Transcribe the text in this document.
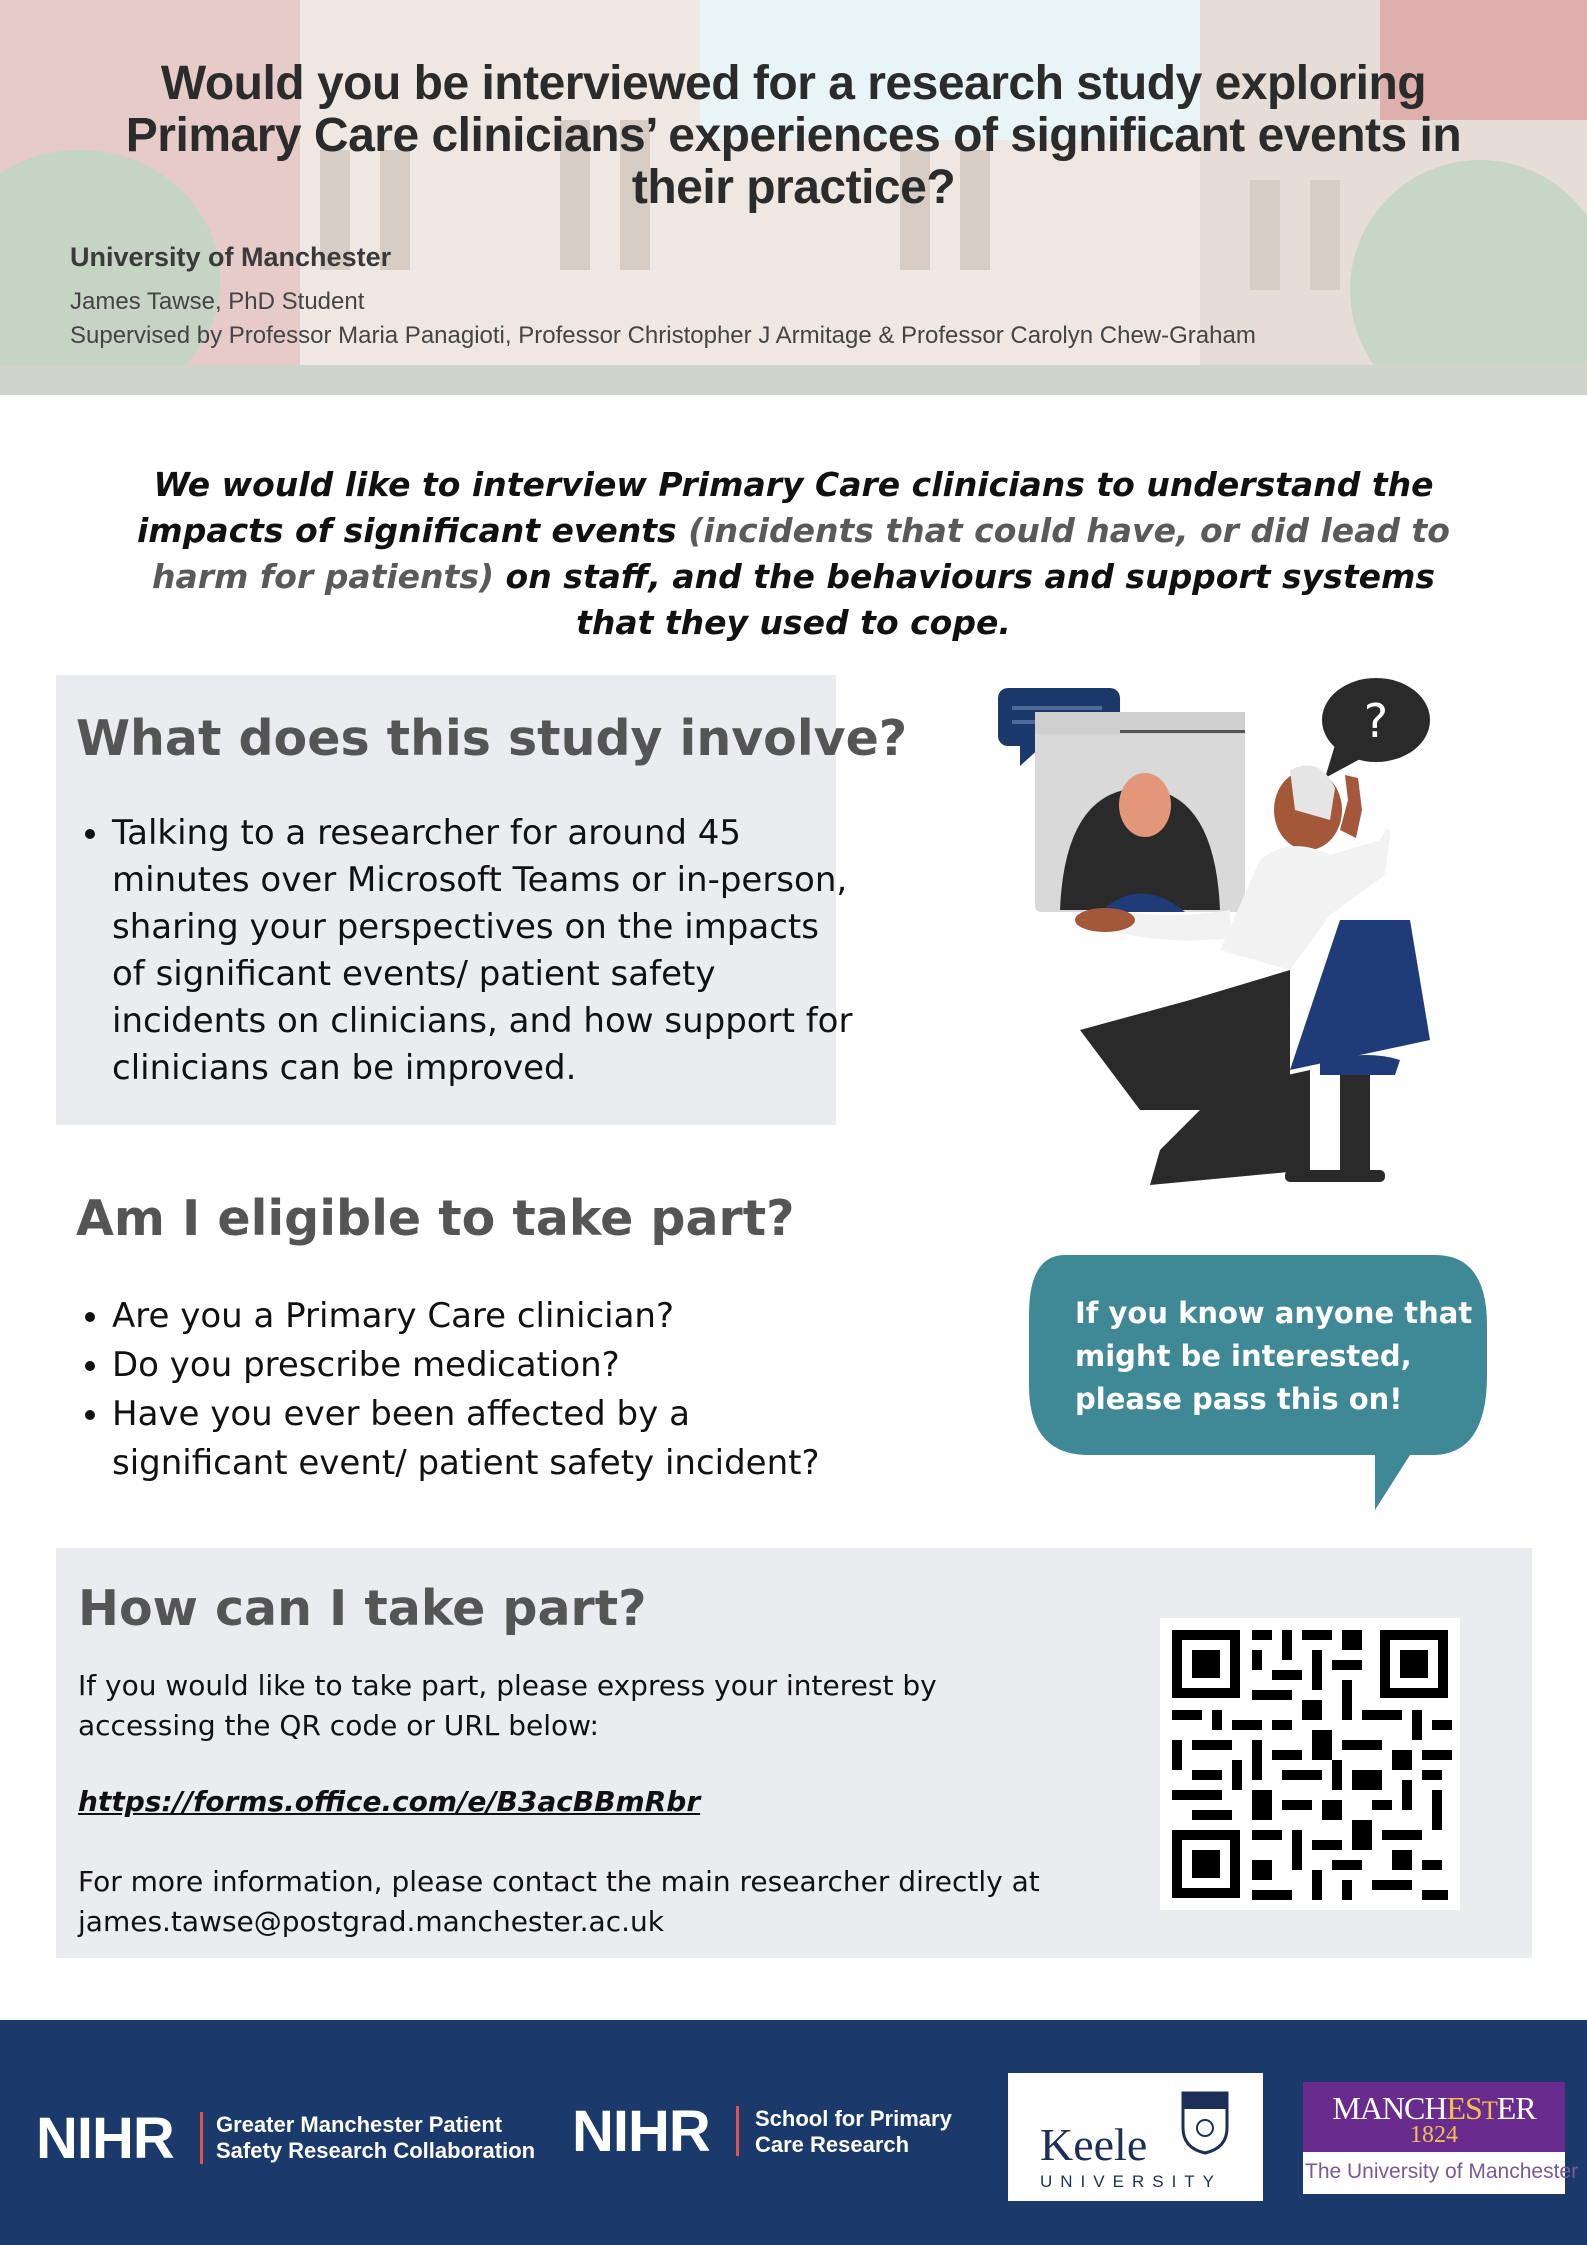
Would you be interviewed for a research study exploring
Primary Care clinicians’ experiences of significant events in
their practice?
University of Manchester
James Tawse, PhD Student
Supervised by Professor Maria Panagioti, Professor Christopher J Armitage & Professor Carolyn Chew-Graham
We would like to interview Primary Care clinicians to understand the impacts of significant events (incidents that could have, or did lead to harm for patients) on staff, and the behaviours and support systems that they used to cope.
What does this study involve?
• Talking to a researcher for around 45 minutes over Microsoft Teams or in-person, sharing your perspectives on the impacts of significant events/ patient safety incidents on clinicians, and how support for clinicians can be improved.
?
Am I eligible to take part?
• Are you a Primary Care clinician?
• Do you prescribe medication?
• Have you ever been affected by a significant event/ patient safety incident?
If you know anyone that might be interested, please pass this on!
How can I take part?
If you would like to take part, please express your interest by accessing the QR code or URL below:
https://forms.office.com/e/B3acBBmRbr
For more information, please contact the main researcher directly at
james.tawse@postgrad.manchester.ac.uk
NIHR Greater Manchester Patient
Safety Research Collaboration NIHR School for Primary
Care Research	Keele
UNIVERSITY
MANCHESTER
1824
The University of Manchester
